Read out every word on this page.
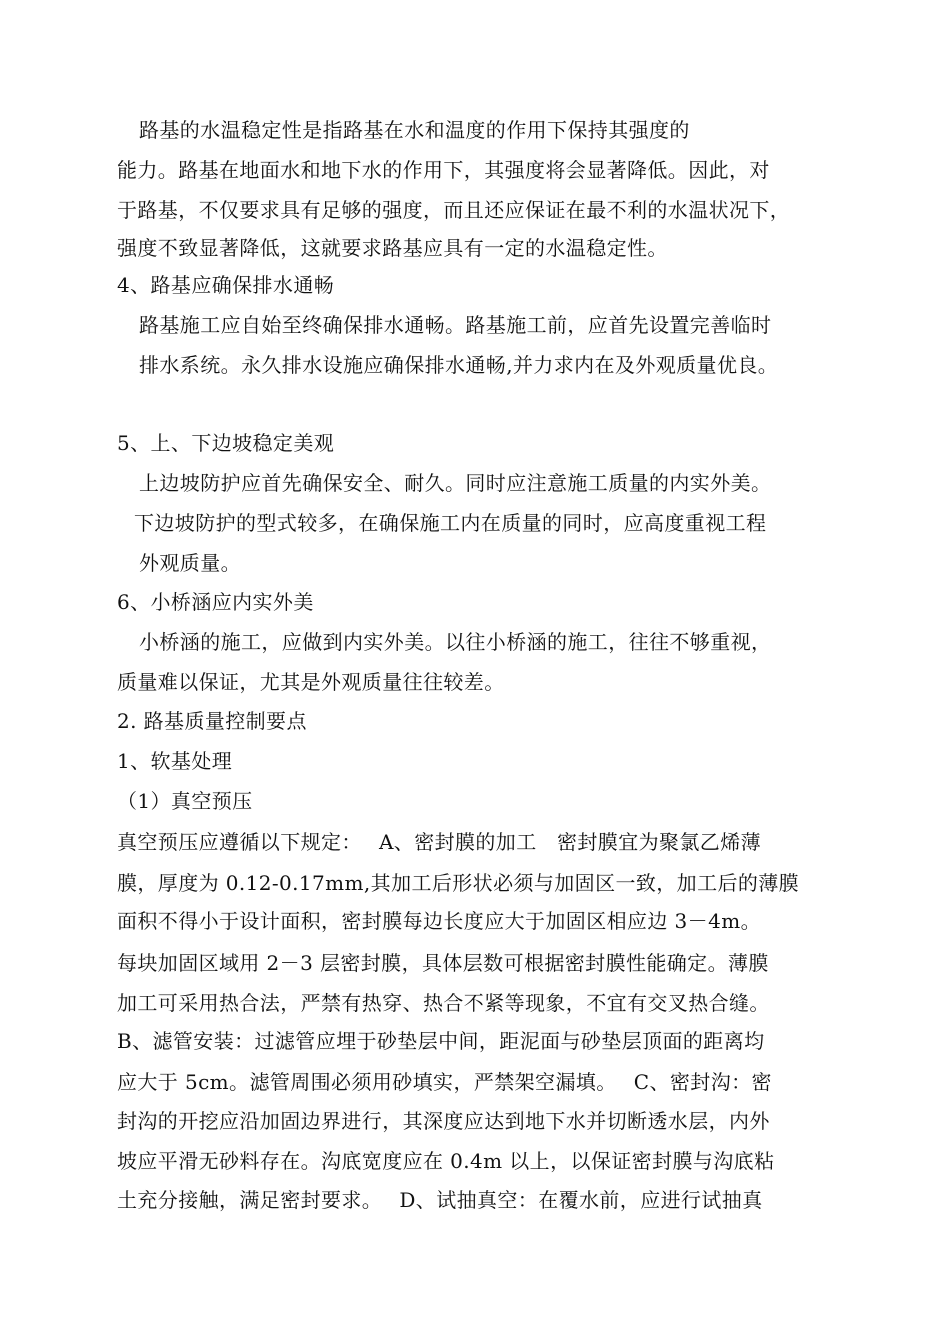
路基的水温稳定性是指路基在水和温度的作用下保持其强度的
能力。路基在地面水和地下水的作用下，其强度将会显著降低。因此，对
于路基，不仅要求具有足够的强度，而且还应保证在最不利的水温状况下，
强度不致显著降低，这就要求路基应具有一定的水温稳定性。
4、路基应确保排水通畅
路基施工应自始至终确保排水通畅。路基施工前，应首先设置完善临时
排水系统。永久排水设施应确保排水通畅,并力求内在及外观质量优良。
5、上、下边坡稳定美观
上边坡防护应首先确保安全、耐久。同时应注意施工质量的内实外美。
下边坡防护的型式较多，在确保施工内在质量的同时，应高度重视工程
外观质量。
6、小桥涵应内实外美
小桥涵的施工，应做到内实外美。以往小桥涵的施工，往往不够重视，
质量难以保证，尤其是外观质量往往较差。
2. 路基质量控制要点
1、软基处理
（1）真空预压
真空预压应遵循以下规定：　 A、密封膜的加工　密封膜宜为聚氯乙烯薄
膜，厚度为 0.12-0.17mm,其加工后形状必须与加固区一致，加工后的薄膜
面积不得小于设计面积，密封膜每边长度应大于加固区相应边 3－4m。
每块加固区域用 2－3 层密封膜，具体层数可根据密封膜性能确定。薄膜
加工可采用热合法，严禁有热穿、热合不紧等现象，不宜有交叉热合缝。
B、滤管安装：过滤管应埋于砂垫层中间，距泥面与砂垫层顶面的距离均
应大于 5cm。滤管周围必须用砂填实，严禁架空漏填。　 C、密封沟：密
封沟的开挖应沿加固边界进行，其深度应达到地下水并切断透水层，内外
坡应平滑无砂料存在。沟底宽度应在 0.4m 以上，以保证密封膜与沟底粘
土充分接触，满足密封要求。　 D、试抽真空：在覆水前，应进行试抽真
